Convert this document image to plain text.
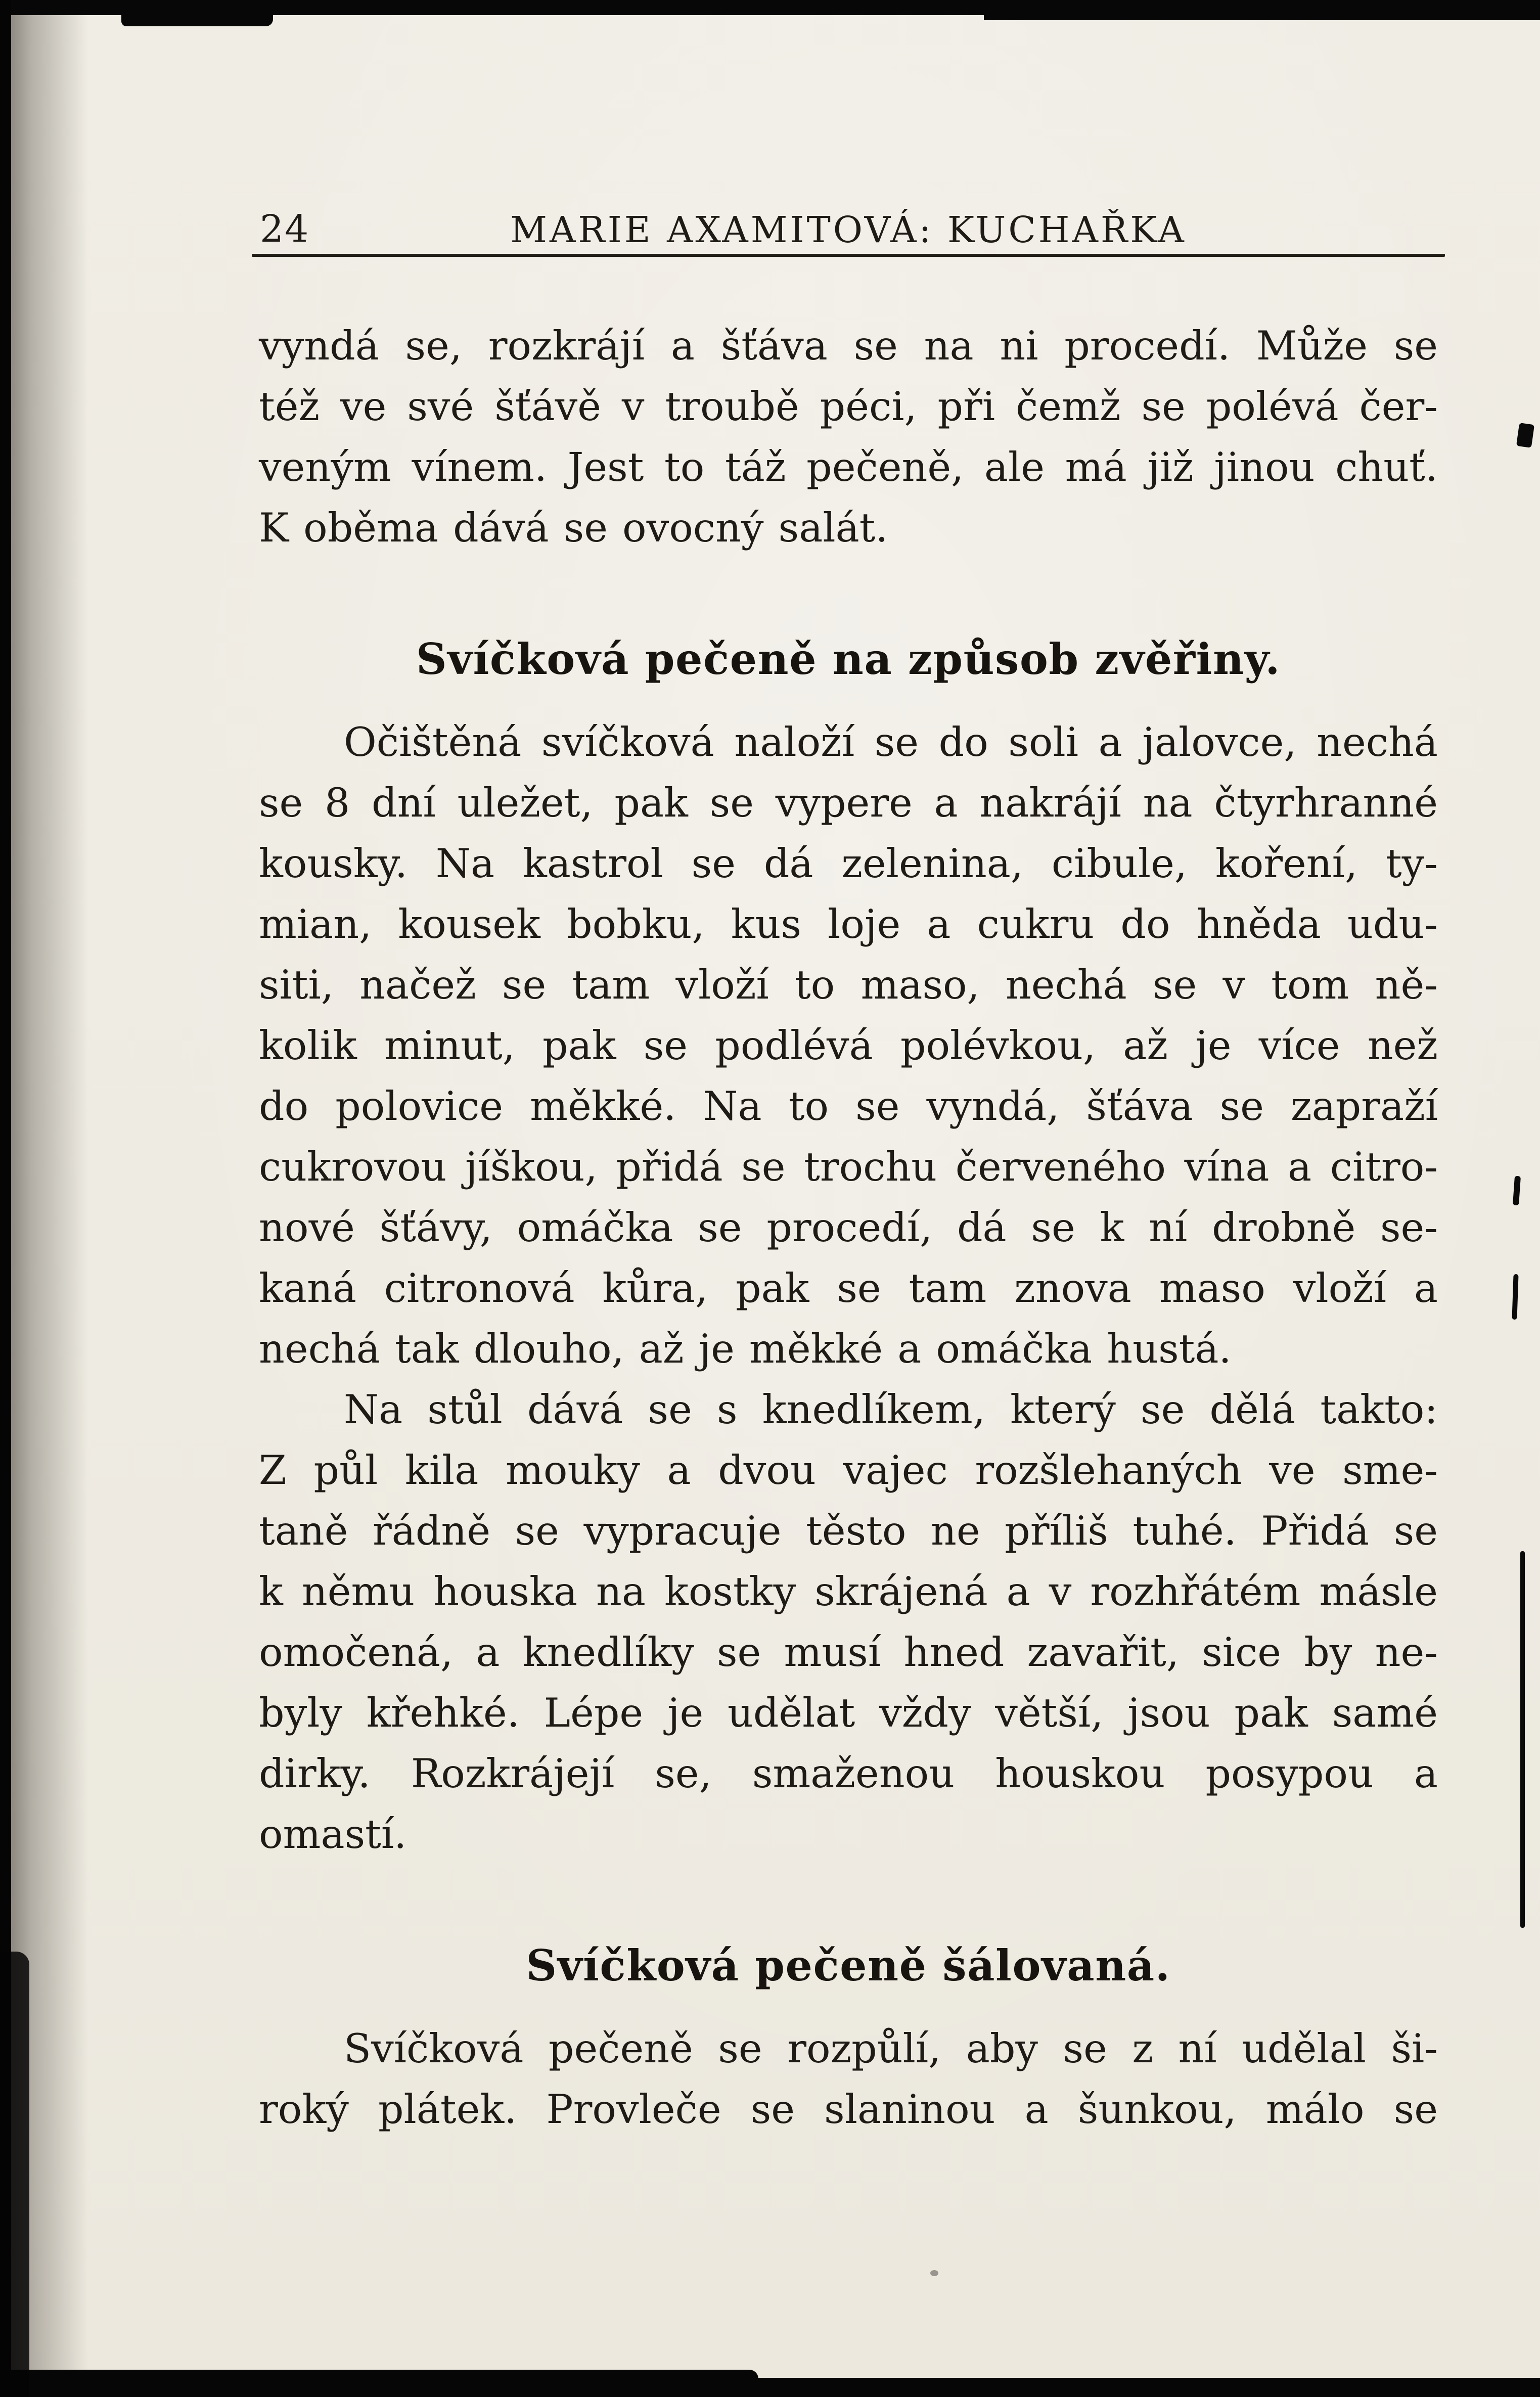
24	MARIE AXAMITOVÁ: KUCHAŘKA

vyndá se, rozkrájí a šťáva se na ni procedí. Může se
též ve své šťávě v troubě péci, při čemž se polévá čer-
veným vínem. Jest to táž pečeně, ale má již jinou chuť.
K oběma dává se ovocný salát.

Svíčková pečeně na způsob zvěřiny.

Očištěná svíčková naloží se do soli a jalovce, nechá
se 8 dní uležet, pak se vypere a nakrájí na čtyrhranné
kousky. Na kastrol se dá zelenina, cibule, koření, ty-
mian, kousek bobku, kus loje a cukru do hněda udu-
siti, načež se tam vloží to maso, nechá se v tom ně-
kolik minut, pak se podlévá polévkou, až je více než
do polovice měkké. Na to se vyndá, šťáva se zapraží
cukrovou jíškou, přidá se trochu červeného vína a citro-
nové šťávy, omáčka se procedí, dá se k ní drobně se-
kaná citronová kůra, pak se tam znova maso vloží a
nechá tak dlouho, až je měkké a omáčka hustá.

Na stůl dává se s knedlíkem, který se dělá takto:
Z půl kila mouky a dvou vajec rozšlehaných ve sme-
taně řádně se vypracuje těsto ne příliš tuhé. Přidá se
k němu houska na kostky skrájená a v rozhřátém másle
omočená, a knedlíky se musí hned zavařit, sice by ne-
byly křehké. Lépe je udělat vždy větší, jsou pak samé
dirky. Rozkrájejí se, smaženou houskou posypou a
omastí.

Svíčková pečeně šálovaná.

Svíčková pečeně se rozpůlí, aby se z ní udělal ši-
roký plátek. Provleče se slaninou a šunkou, málo se
